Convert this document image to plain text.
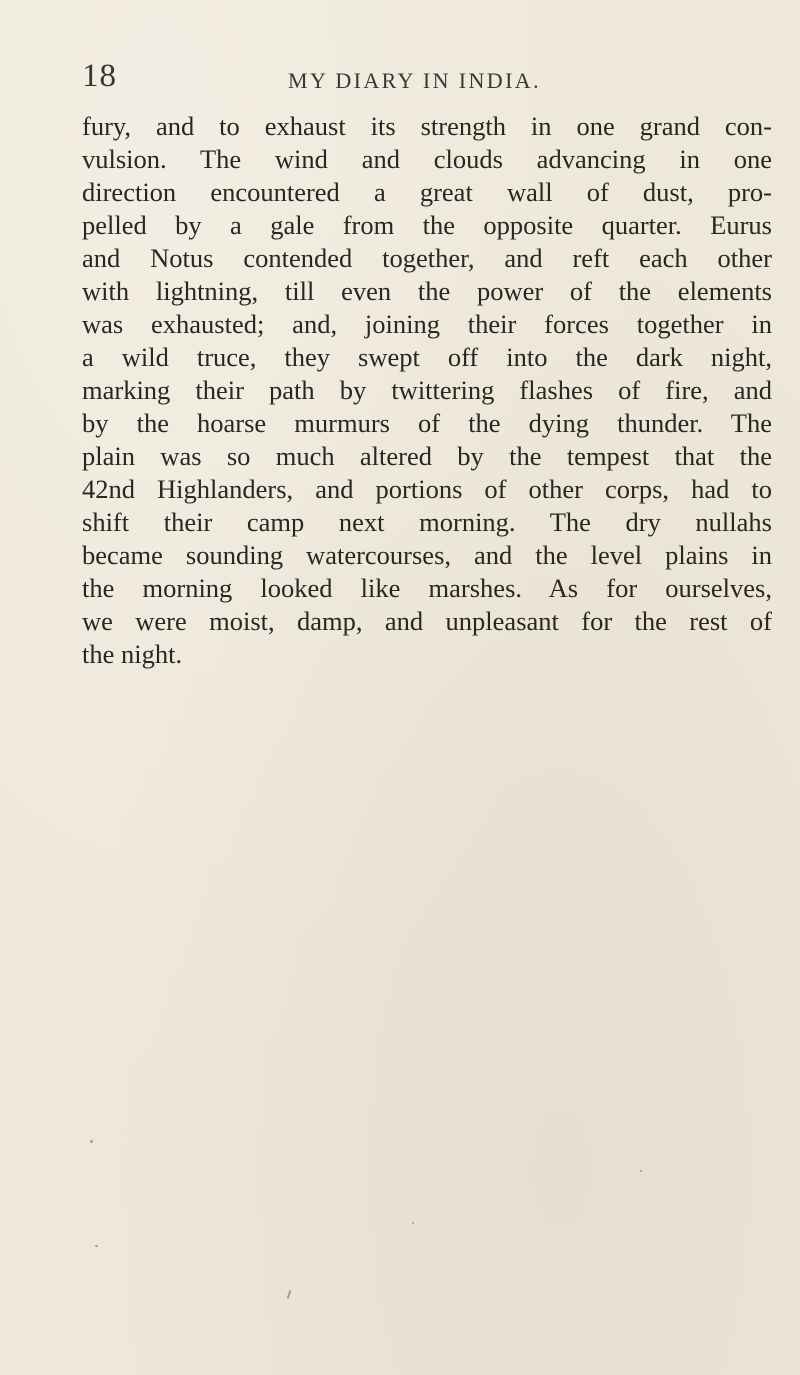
18	MY DIARY IN INDIA.
fury, and to exhaust its strength in one grand con-
vulsion. The wind and clouds advancing in one
direction encountered a great wall of dust, pro-
pelled by a gale from the opposite quarter. Eurus
and Notus contended together, and reft each other
with lightning, till even the power of the elements
was exhausted; and, joining their forces together in
a wild truce, they swept off into the dark night,
marking their path by twittering flashes of fire, and
by the hoarse murmurs of the dying thunder. The
plain was so much altered by the tempest that the
42nd Highlanders, and portions of other corps, had to
shift their camp next morning. The dry nullahs
became sounding watercourses, and the level plains in
the morning looked like marshes. As for ourselves,
we were moist, damp, and unpleasant for the rest of
the night.
